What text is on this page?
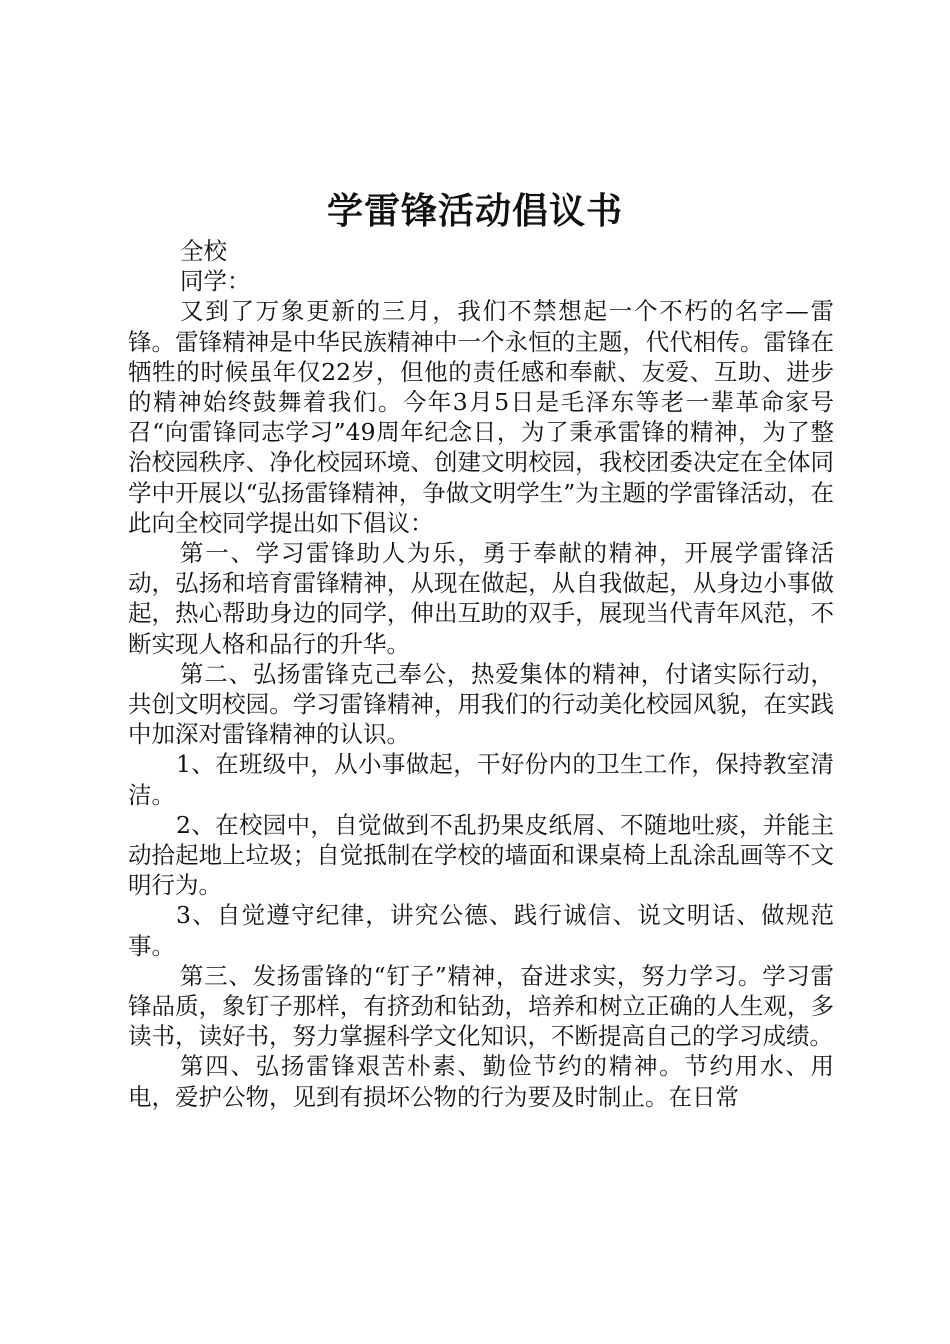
学雷锋活动倡议书

全校

同学：

又到了万象更新的三月，我们不禁想起一个不朽的名字—雷锋。雷锋精神是中华民族精神中一个永恒的主题，代代相传。雷锋在牺牲的时候虽年仅22岁，但他的责任感和奉献、友爱、互助、进步的精神始终鼓舞着我们。今年3月5日是毛泽东等老一辈革命家号召“向雷锋同志学习”49周年纪念日，为了秉承雷锋的精神，为了整治校园秩序、净化校园环境、创建文明校园，我校团委决定在全体同学中开展以“弘扬雷锋精神，争做文明学生”为主题的学雷锋活动，在此向全校同学提出如下倡议：

第一、学习雷锋助人为乐，勇于奉献的精神，开展学雷锋活动，弘扬和培育雷锋精神，从现在做起，从自我做起，从身边小事做起，热心帮助身边的同学，伸出互助的双手，展现当代青年风范，不断实现人格和品行的升华。

第二、弘扬雷锋克己奉公，热爱集体的精神，付诸实际行动，共创文明校园。学习雷锋精神，用我们的行动美化校园风貌，在实践中加深对雷锋精神的认识。

1、在班级中，从小事做起，干好份内的卫生工作，保持教室清洁。

2、在校园中，自觉做到不乱扔果皮纸屑、不随地吐痰，并能主动拾起地上垃圾；自觉抵制在学校的墙面和课桌椅上乱涂乱画等不文明行为。

3、自觉遵守纪律，讲究公德、践行诚信、说文明话、做规范事。

第三、发扬雷锋的“钉子”精神，奋进求实，努力学习。学习雷锋品质，象钉子那样，有挤劲和钻劲，培养和树立正确的人生观，多读书，读好书，努力掌握科学文化知识，不断提高自己的学习成绩。

第四、弘扬雷锋艰苦朴素、勤俭节约的精神。节约用水、用电，爱护公物，见到有损坏公物的行为要及时制止。在日常
